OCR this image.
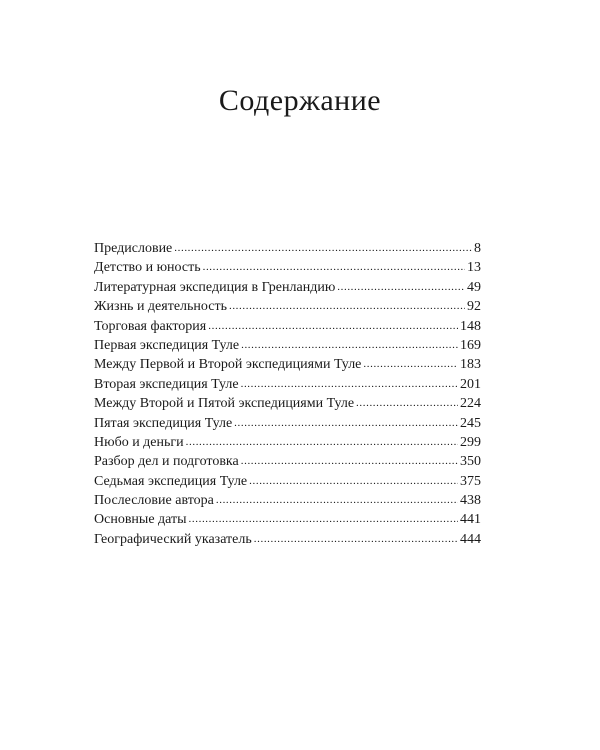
Содержание
Предисловие .....	8
Детство и юность .....	13
Литературная экспедиция в Гренландию .....	49
Жизнь и деятельность .....	92
Торговая фактория .....	148
Первая экспедиция Туле .....	169
Между Первой и Второй экспедициями Туле .....	183
Вторая экспедиция Туле .....	201
Между Второй и Пятой экспедициями Туле .....	224
Пятая экспедиция Туле .....	245
Нюбо и деньги .....	299
Разбор дел и подготовка .....	350
Седьмая экспедиция Туле .....	375
Послесловие автора .....	438
Основные даты .....	441
Географический указатель .....	444
